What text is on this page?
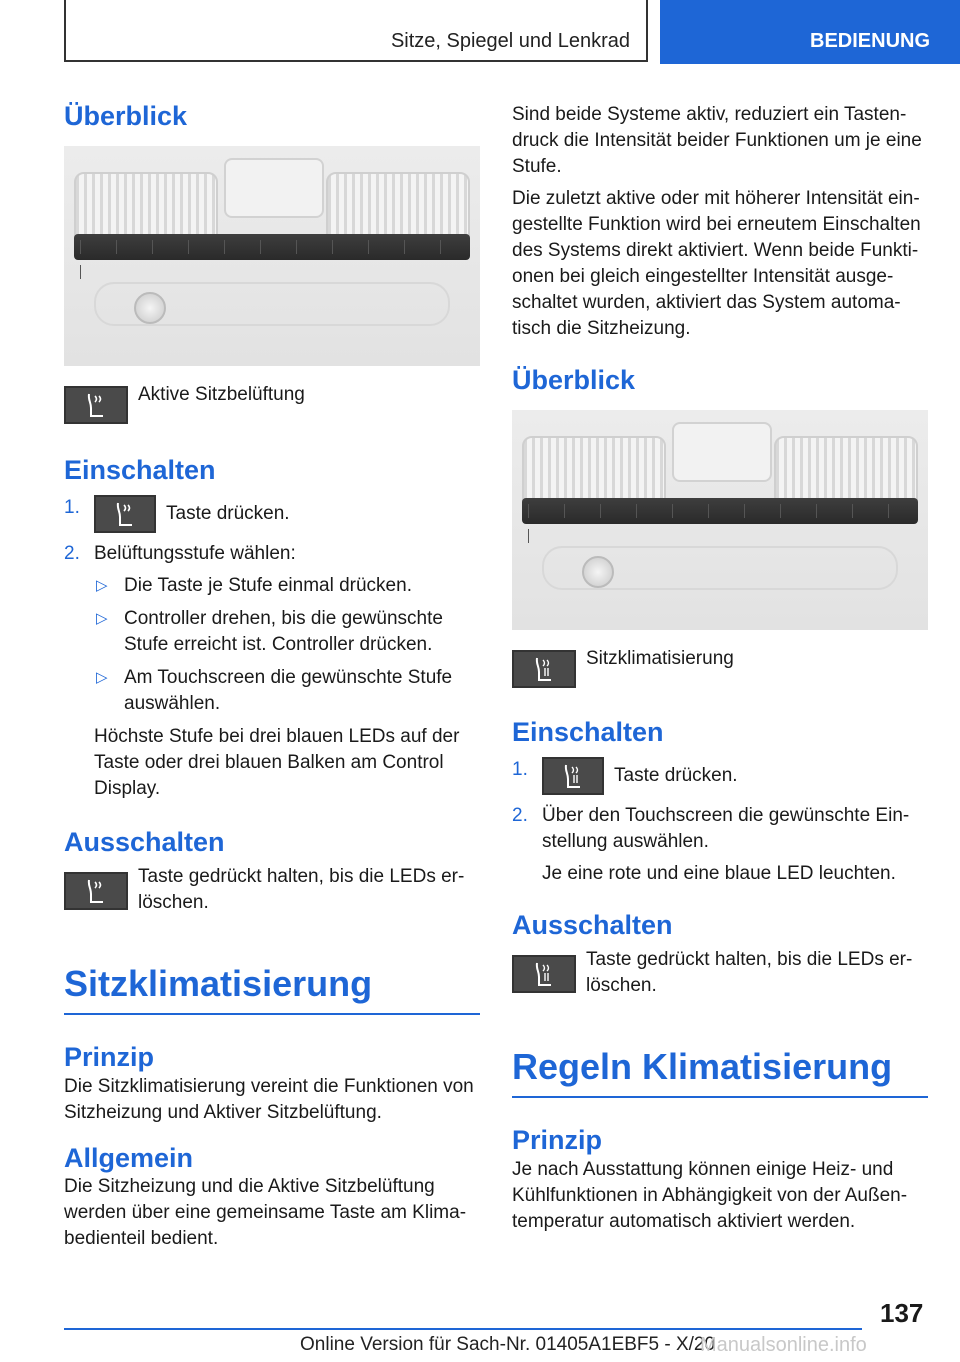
Sitze, Spiegel und Lenkrad	BEDIENUNG
Überblick
Aktive Sitzbelüftung
Einschalten
1.	Taste drücken.
2. Belüftungsstufe wählen:
▷ Die Taste je Stufe einmal drücken.
▷ Controller drehen, bis die gewünschte Stufe erreicht ist. Controller drücken.
▷ Am Touchscreen die gewünschte Stufe auswählen.

Höchste Stufe bei drei blauen LEDs auf der Taste oder drei blauen Balken am Control Display.

Ausschalten
Taste gedrückt halten, bis die LEDs erlöschen.
Sitzklimatisierung
Prinzip

Die Sitzklimatisierung vereint die Funktionen von Sitzheizung und Aktiver Sitzbelüftung.

Allgemein

Die Sitzheizung und die Aktive Sitzbelüftung werden über eine gemeinsame Taste am Klimabedienteil bedient.

Sind beide Systeme aktiv, reduziert ein Tastendruck die Intensität beider Funktionen um je eine Stufe.

Die zuletzt aktive oder mit höherer Intensität eingestellte Funktion wird bei erneutem Einschalten des Systems direkt aktiviert. Wenn beide Funktionen bei gleich eingestellter Intensität ausgeschaltet wurden, aktiviert das System automatisch die Sitzheizung.

Überblick
Sitzklimatisierung
Einschalten
1.	Taste drücken.
2. Über den Touchscreen die gewünschte Einstellung auswählen.

Je eine rote und eine blaue LED leuchten.

Ausschalten
Taste gedrückt halten, bis die LEDs erlöschen.
Regeln Klimatisierung
Prinzip

Je nach Ausstattung können einige Heiz- und Kühlfunktionen in Abhängigkeit von der Außentemperatur automatisch aktiviert werden.

137
Online Version für Sach-Nr. 01405A1EBF5 - X/20
Manualsonline.info
